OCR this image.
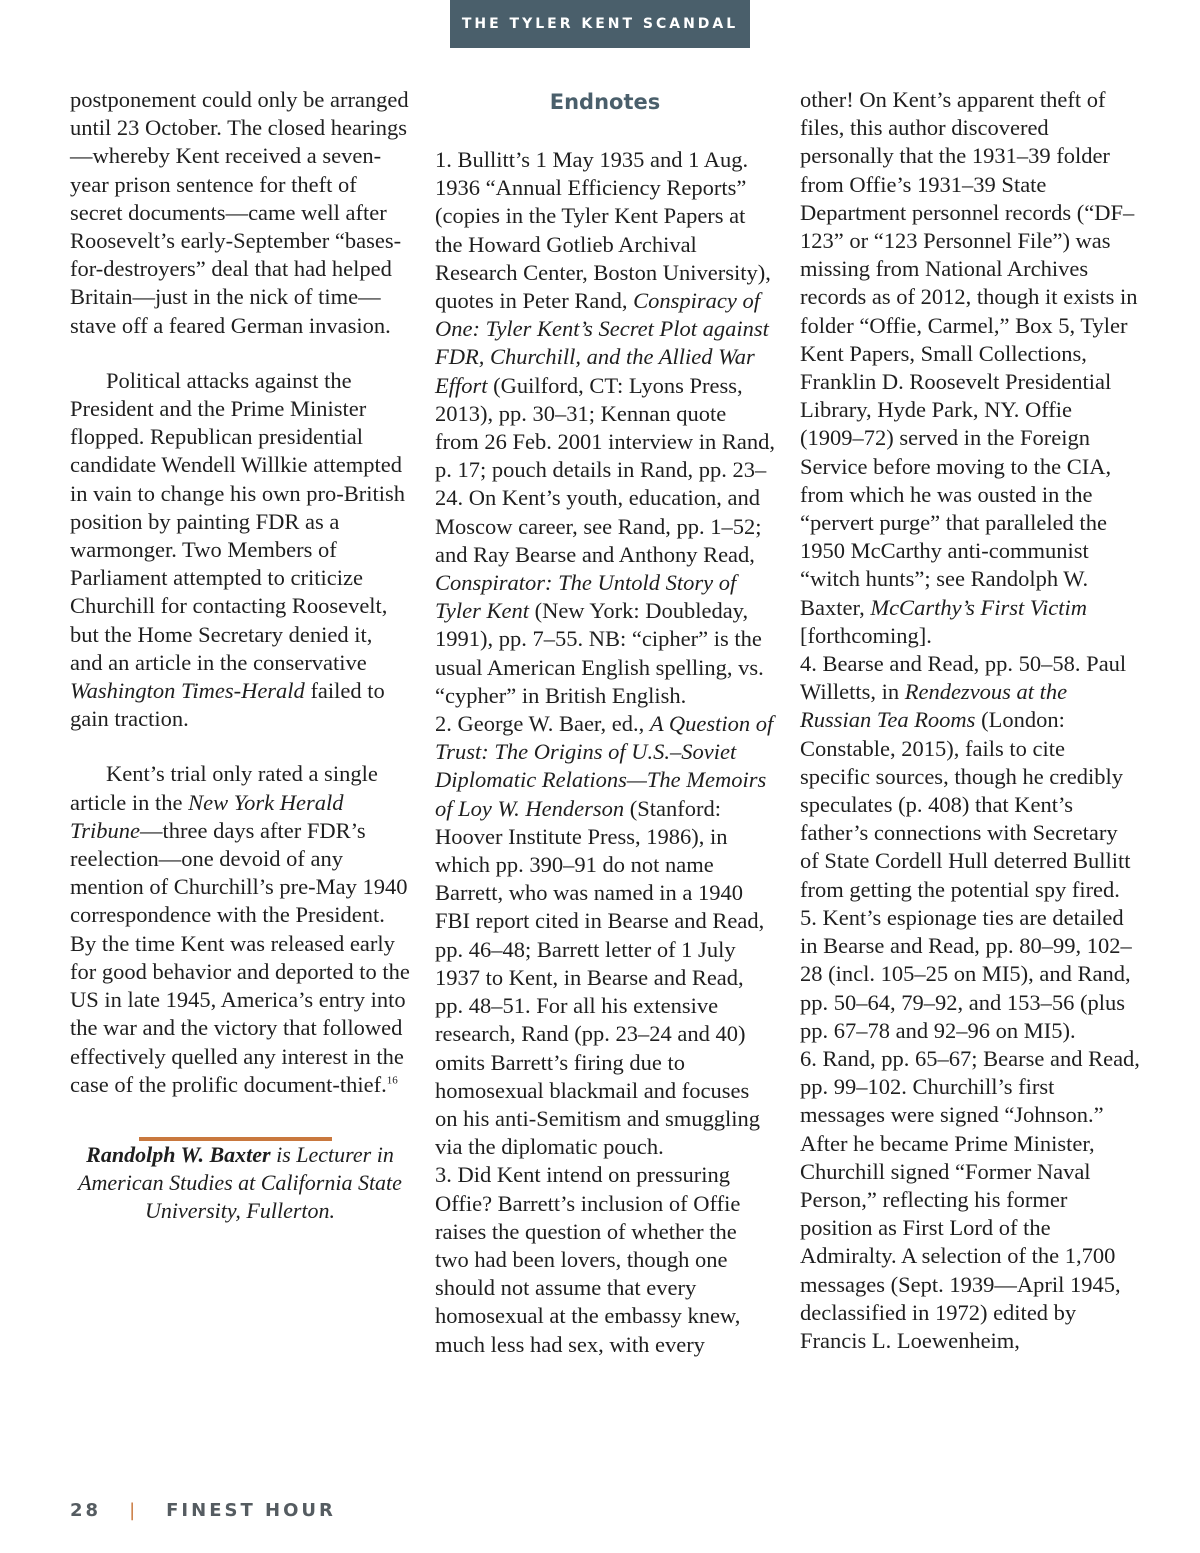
THE TYLER KENT SCANDAL

postponement could only be arranged until 23 October. The closed hearings—whereby Kent received a seven-year prison sentence for theft of secret documents—came well after Roosevelt’s early-September “bases-for-destroyers” deal that had helped Britain—just in the nick of time—stave off a feared German invasion.

Political attacks against the President and the Prime Minister flopped. Republican presidential candidate Wendell Willkie attempted in vain to change his own pro-British position by painting FDR as a warmonger. Two Members of Parliament attempted to criticize Churchill for contacting Roosevelt, but the Home Secretary denied it, and an article in the conservative Washington Times-Herald failed to gain traction.

Kent’s trial only rated a single article in the New York Herald Tribune—three days after FDR’s reelection—one devoid of any mention of Churchill’s pre-May 1940 correspondence with the President. By the time Kent was released early for good behavior and deported to the US in late 1945, America’s entry into the war and the victory that followed effectively quelled any interest in the case of the prolific document-thief.$^{16}$

Randolph W. Baxter is Lecturer in American Studies at California State University, Fullerton.

Endnotes

1. Bullitt’s 1 May 1935 and 1 Aug. 1936 “Annual Efficiency Reports” (copies in the Tyler Kent Papers at the Howard Gotlieb Archival Research Center, Boston University), quotes in Peter Rand, Conspiracy of One: Tyler Kent’s Secret Plot against FDR, Churchill, and the Allied War Effort (Guilford, CT: Lyons Press, 2013), pp. 30–31; Kennan quote from 26 Feb. 2001 interview in Rand, p. 17; pouch details in Rand, pp. 23–24. On Kent’s youth, education, and Moscow career, see Rand, pp. 1–52; and Ray Bearse and Anthony Read, Conspirator: The Untold Story of Tyler Kent (New York: Doubleday, 1991), pp. 7–55. NB: “cipher” is the usual American English spelling, vs. “cypher” in British English.

2. George W. Baer, ed., A Question of Trust: The Origins of U.S.–Soviet Diplomatic Relations—The Memoirs of Loy W. Henderson (Stanford: Hoover Institute Press, 1986), in which pp. 390–91 do not name Barrett, who was named in a 1940 FBI report cited in Bearse and Read, pp. 46–48; Barrett letter of 1 July 1937 to Kent, in Bearse and Read, pp. 48–51. For all his extensive research, Rand (pp. 23–24 and 40) omits Barrett’s firing due to homosexual blackmail and focuses on his anti-Semitism and smuggling via the diplomatic pouch.

3. Did Kent intend on pressuring Offie? Barrett’s inclusion of Offie raises the question of whether the two had been lovers, though one should not assume that every homosexual at the embassy knew, much less had sex, with every

other! On Kent’s apparent theft of files, this author discovered personally that the 1931–39 folder from Offie’s 1931–39 State Department personnel records (“DF–123” or “123 Personnel File”) was missing from National Archives records as of 2012, though it exists in folder “Offie, Carmel,” Box 5, Tyler Kent Papers, Small Collections, Franklin D. Roosevelt Presidential Library, Hyde Park, NY. Offie (1909–72) served in the Foreign Service before moving to the CIA, from which he was ousted in the “pervert purge” that paralleled the 1950 McCarthy anti-communist “witch hunts”; see Randolph W. Baxter, McCarthy’s First Victim [forthcoming].

4. Bearse and Read, pp. 50–58. Paul Willetts, in Rendezvous at the Russian Tea Rooms (London: Constable, 2015), fails to cite specific sources, though he credibly speculates (p. 408) that Kent’s father’s connections with Secretary of State Cordell Hull deterred Bullitt from getting the potential spy fired.

5. Kent’s espionage ties are detailed in Bearse and Read, pp. 80–99, 102–28 (incl. 105–25 on MI5), and Rand, pp. 50–64, 79–92, and 153–56 (plus pp. 67–78 and 92–96 on MI5).

6. Rand, pp. 65–67; Bearse and Read, pp. 99–102. Churchill’s first messages were signed “Johnson.” After he became Prime Minister, Churchill signed “Former Naval Person,” reflecting his former position as First Lord of the Admiralty. A selection of the 1,700 messages (Sept. 1939—April 1945, declassified in 1972) edited by Francis L. Loewenheim,

28 | FINEST HOUR
